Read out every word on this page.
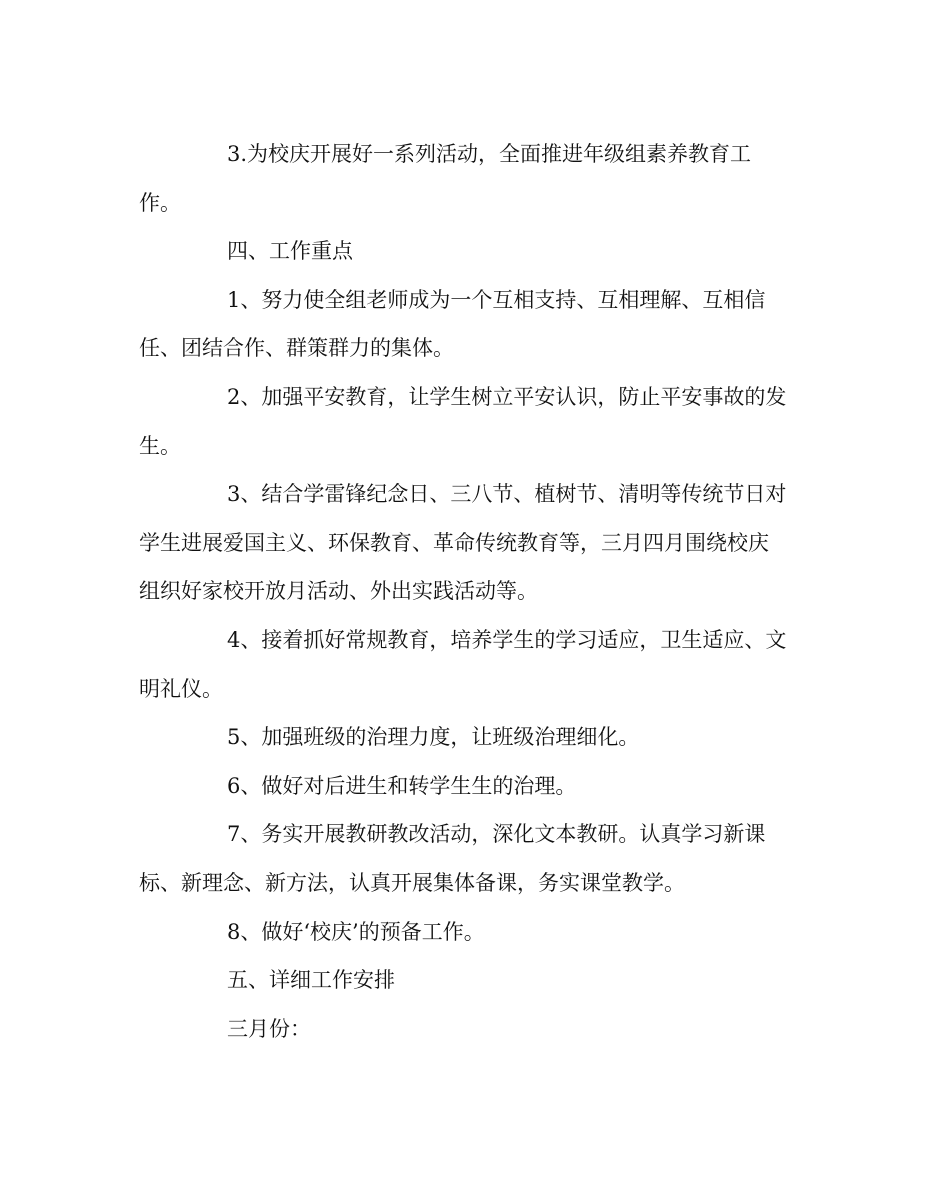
3.为校庆开展好一系列活动，全面推进年级组素养教育工
作。
四、工作重点
1、努力使全组老师成为一个互相支持、互相理解、互相信
任、团结合作、群策群力的集体。
2、加强平安教育，让学生树立平安认识，防止平安事故的发
生。
3、结合学雷锋纪念日、三八节、植树节、清明等传统节日对
学生进展爱国主义、环保教育、革命传统教育等，三月四月围绕校庆
组织好家校开放月活动、外出实践活动等。
4、接着抓好常规教育，培养学生的学习适应，卫生适应、文
明礼仪。
5、加强班级的治理力度，让班级治理细化。
6、做好对后进生和转学生生的治理。
7、务实开展教研教改活动，深化文本教研。认真学习新课
标、新理念、新方法，认真开展集体备课，务实课堂教学。
8、做好‘校庆’的预备工作。
五、详细工作安排
三月份：
